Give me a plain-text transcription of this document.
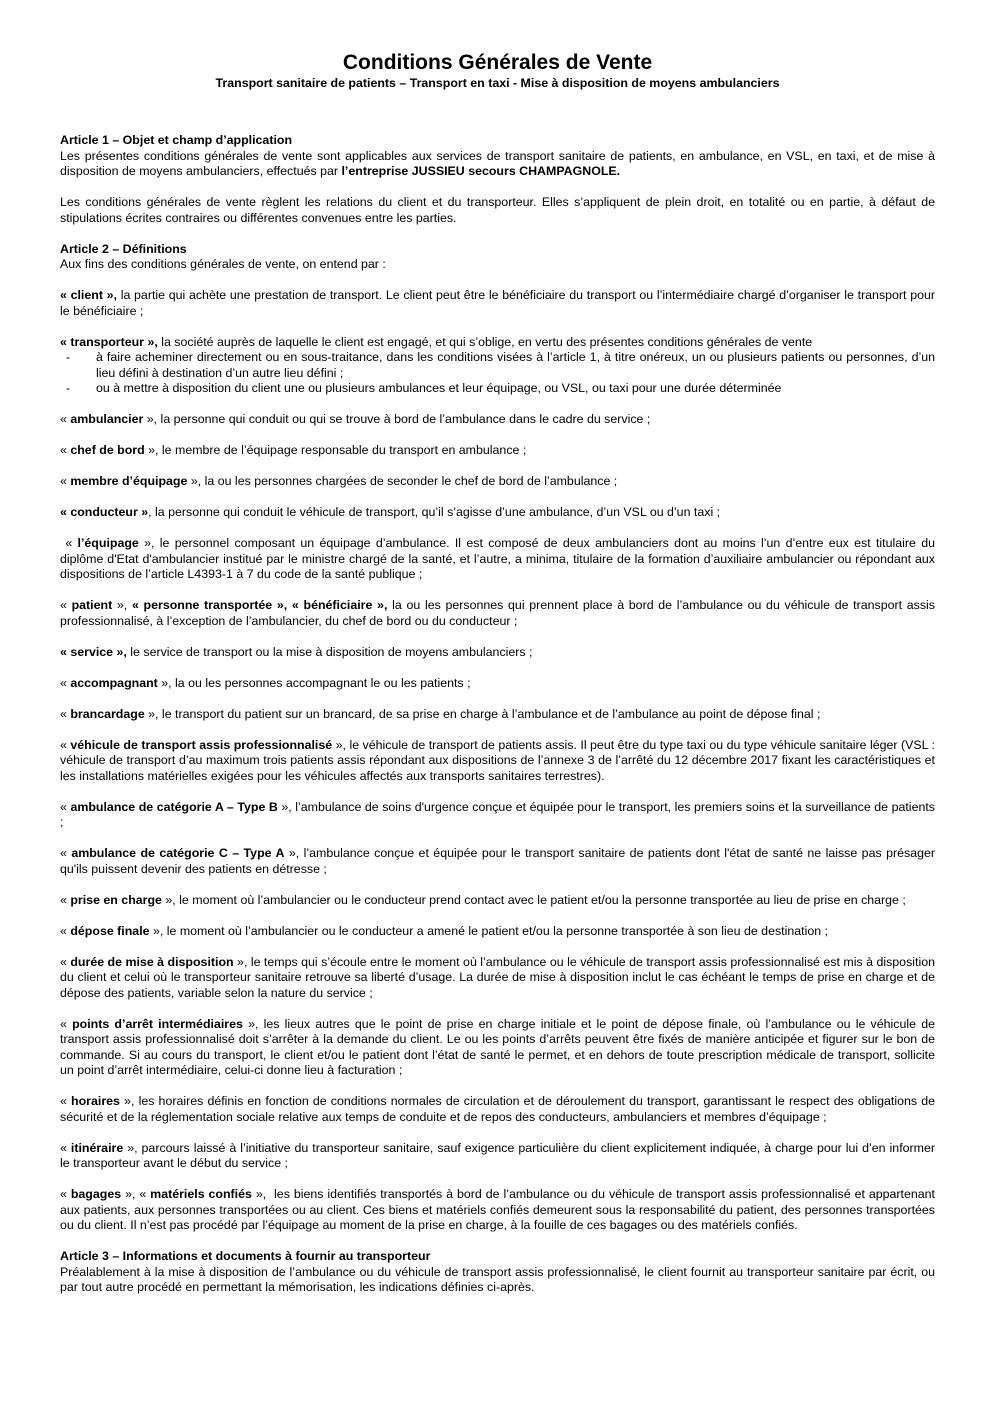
Conditions Générales de Vente

Transport sanitaire de patients – Transport en taxi - Mise à disposition de moyens ambulanciers

Article 1 – Objet et champ d’application
Les présentes conditions générales de vente sont applicables aux services de transport sanitaire de patients, en ambulance, en VSL, en taxi, et de mise à disposition de moyens ambulanciers, effectués par l’entreprise JUSSIEU secours CHAMPAGNOLE.

Les conditions générales de vente règlent les relations du client et du transporteur. Elles s’appliquent de plein droit, en totalité ou en partie, à défaut de stipulations écrites contraires ou différentes convenues entre les parties.

Article 2 – Définitions
Aux fins des conditions générales de vente, on entend par :

« client », la partie qui achète une prestation de transport. Le client peut être le bénéficiaire du transport ou l’intermédiaire chargé d’organiser le transport pour le bénéficiaire ;

« transporteur », la société auprès de laquelle le client est engagé, et qui s’oblige, en vertu des présentes conditions générales de vente

- à faire acheminer directement ou en sous-traitance, dans les conditions visées à l’article 1, à titre onéreux, un ou plusieurs patients ou personnes, d’un lieu défini à destination d’un autre lieu défini ;
- ou à mettre à disposition du client une ou plusieurs ambulances et leur équipage, ou VSL, ou taxi pour une durée déterminée

« ambulancier », la personne qui conduit ou qui se trouve à bord de l’ambulance dans le cadre du service ;

« chef de bord », le membre de l’équipage responsable du transport en ambulance ;

« membre d’équipage », la ou les personnes chargées de seconder le chef de bord de l’ambulance ;

« conducteur », la personne qui conduit le véhicule de transport, qu’il s’agisse d’une ambulance, d’un VSL ou d’un taxi ;

« l’équipage », le personnel composant un équipage d’ambulance. Il est composé de deux ambulanciers dont au moins l’un d’entre eux est titulaire du diplôme d'Etat d'ambulancier institué par le ministre chargé de la santé, et l’autre, a minima, titulaire de la formation d’auxiliaire ambulancier ou répondant aux dispositions de l’article L4393-1 à 7 du code de la santé publique ;

« patient », « personne transportée », « bénéficiaire », la ou les personnes qui prennent place à bord de l’ambulance ou du véhicule de transport assis professionnalisé, à l’exception de l’ambulancier, du chef de bord ou du conducteur ;

« service », le service de transport ou la mise à disposition de moyens ambulanciers ;

« accompagnant », la ou les personnes accompagnant le ou les patients ;

« brancardage », le transport du patient sur un brancard, de sa prise en charge à l’ambulance et de l’ambulance au point de dépose final ;

« véhicule de transport assis professionnalisé », le véhicule de transport de patients assis. Il peut être du type taxi ou du type véhicule sanitaire léger (VSL : véhicule de transport d’au maximum trois patients assis répondant aux dispositions de l’annexe 3 de l’arrêté du 12 décembre 2017 fixant les caractéristiques et les installations matérielles exigées pour les véhicules affectés aux transports sanitaires terrestres).

« ambulance de catégorie A – Type B », l’ambulance de soins d'urgence conçue et équipée pour le transport, les premiers soins et la surveillance de patients ;

« ambulance de catégorie C – Type A », l’ambulance conçue et équipée pour le transport sanitaire de patients dont l'état de santé ne laisse pas présager qu'ils puissent devenir des patients en détresse ;

« prise en charge », le moment où l’ambulancier ou le conducteur prend contact avec le patient et/ou la personne transportée au lieu de prise en charge ;

« dépose finale », le moment où l’ambulancier ou le conducteur a amené le patient et/ou la personne transportée à son lieu de destination ;

« durée de mise à disposition », le temps qui s’écoule entre le moment où l’ambulance ou le véhicule de transport assis professionnalisé est mis à disposition du client et celui où le transporteur sanitaire retrouve sa liberté d’usage. La durée de mise à disposition inclut le cas échéant le temps de prise en charge et de dépose des patients, variable selon la nature du service ;

« points d’arrêt intermédiaires », les lieux autres que le point de prise en charge initiale et le point de dépose finale, où l’ambulance ou le véhicule de transport assis professionnalisé doit s’arrêter à la demande du client. Le ou les points d’arrêts peuvent être fixés de manière anticipée et figurer sur le bon de commande. Si au cours du transport, le client et/ou le patient dont l’état de santé le permet, et en dehors de toute prescription médicale de transport, sollicite un point d’arrêt intermédiaire, celui-ci donne lieu à facturation ;

« horaires », les horaires définis en fonction de conditions normales de circulation et de déroulement du transport, garantissant le respect des obligations de sécurité et de la réglementation sociale relative aux temps de conduite et de repos des conducteurs, ambulanciers et membres d’équipage ;

« itinéraire », parcours laissé à l’initiative du transporteur sanitaire, sauf exigence particulière du client explicitement indiquée, à charge pour lui d’en informer le transporteur avant le début du service ;

« bagages », « matériels confiés »,  les biens identifiés transportés à bord de l’ambulance ou du véhicule de transport assis professionnalisé et appartenant aux patients, aux personnes transportées ou au client. Ces biens et matériels confiés demeurent sous la responsabilité du patient, des personnes transportées ou du client. Il n’est pas procédé par l’équipage au moment de la prise en charge, à la fouille de ces bagages ou des matériels confiés.

Article 3 – Informations et documents à fournir au transporteur
Préalablement à la mise à disposition de l’ambulance ou du véhicule de transport assis professionnalisé, le client fournit au transporteur sanitaire par écrit, ou par tout autre procédé en permettant la mémorisation, les indications définies ci-après.
